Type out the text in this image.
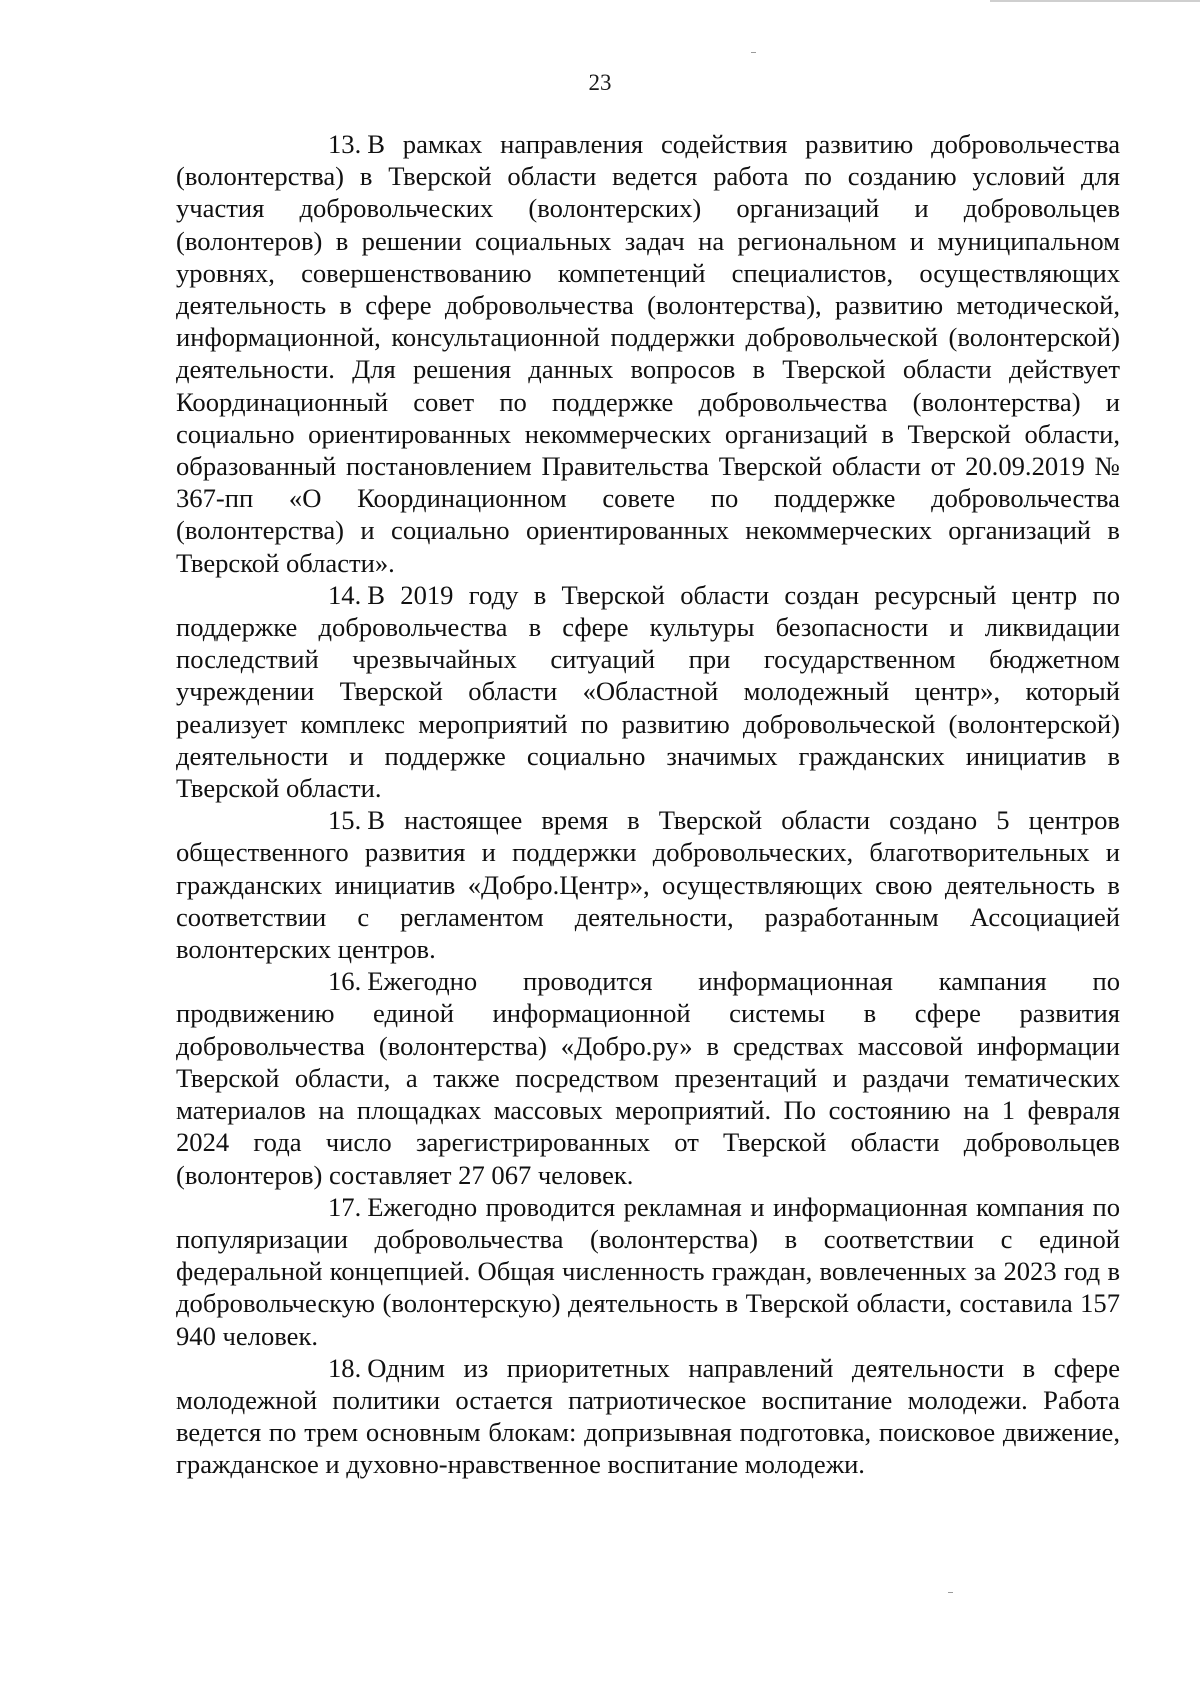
23

13. В рамках направления содействия развитию добровольчества (волонтерства) в Тверской области ведется работа по созданию условий для участия добровольческих (волонтерских) организаций и добровольцев (волонтеров) в решении социальных задач на региональном и муниципальном уровнях, совершенствованию компетенций специалистов, осуществляющих деятельность в сфере добровольчества (волонтерства), развитию методической, информационной, консультационной поддержки добровольческой (волонтерской) деятельности. Для решения данных вопросов в Тверской области действует Координационный совет по поддержке добровольчества (волонтерства) и социально ориентированных некоммерческих организаций в Тверской области, образованный постановлением Правительства Тверской области от 20.09.2019 № 367-пп «О Координационном совете по поддержке добровольчества (волонтерства) и социально ориентированных некоммерческих организаций в Тверской области».

14. В 2019 году в Тверской области создан ресурсный центр по поддержке добровольчества в сфере культуры безопасности и ликвидации последствий чрезвычайных ситуаций при государственном бюджетном учреждении Тверской области «Областной молодежный центр», который реализует комплекс мероприятий по развитию добровольческой (волонтерской) деятельности и поддержке социально значимых гражданских инициатив в Тверской области.

15. В настоящее время в Тверской области создано 5 центров общественного развития и поддержки добровольческих, благотворительных и гражданских инициатив «Добро.Центр», осуществляющих свою деятельность в соответствии с регламентом деятельности, разработанным Ассоциацией волонтерских центров.

16. Ежегодно проводится информационная кампания по продвижению единой информационной системы в сфере развития добровольчества (волонтерства) «Добро.ру» в средствах массовой информации Тверской области, а также посредством презентаций и раздачи тематических материалов на площадках массовых мероприятий. По состоянию на 1 февраля 2024 года число зарегистрированных от Тверской области добровольцев (волонтеров) составляет 27 067 человек.

17. Ежегодно проводится рекламная и информационная компания по популяризации добровольчества (волонтерства) в соответствии с единой федеральной концепцией. Общая численность граждан, вовлеченных за 2023 год в добровольческую (волонтерскую) деятельность в Тверской области, составила 157 940 человек.

18. Одним из приоритетных направлений деятельности в сфере молодежной политики остается патриотическое воспитание молодежи. Работа ведется по трем основным блокам: допризывная подготовка, поисковое движение, гражданское и духовно-нравственное воспитание молодежи.
